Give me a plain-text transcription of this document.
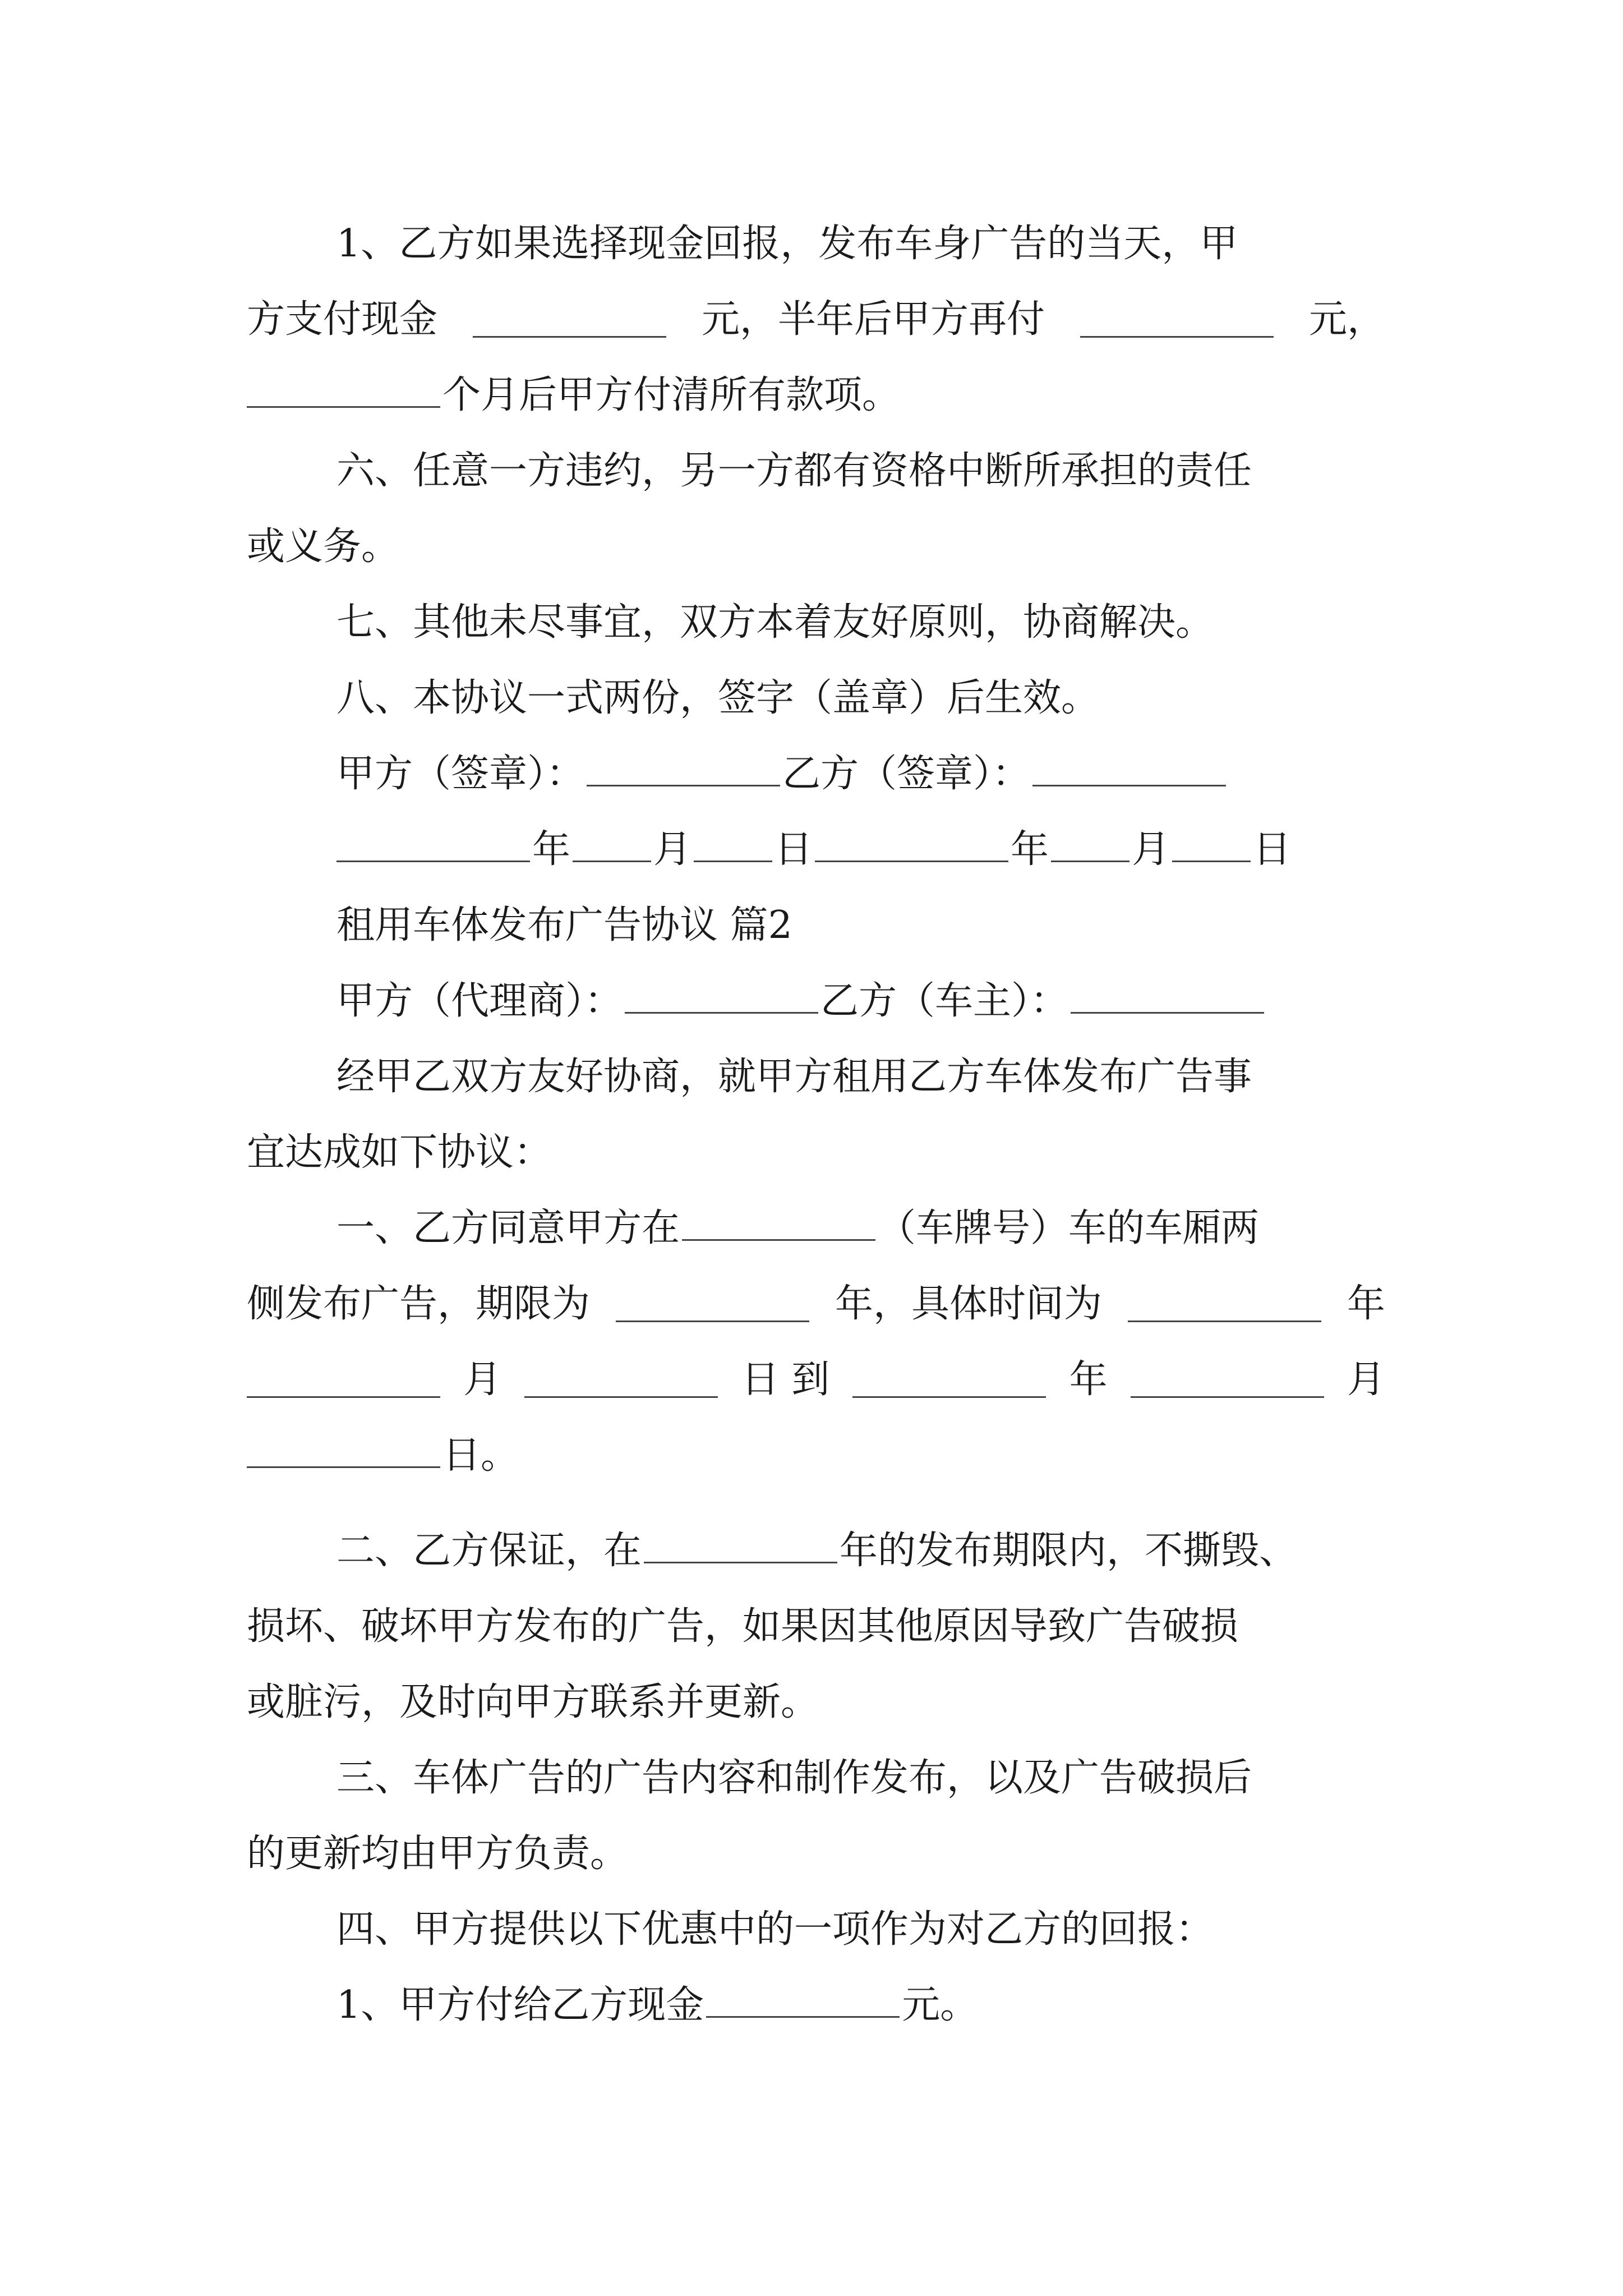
1、乙方如果选择现金回报，发布车身广告的当天，甲
方支付现金	元，半年后甲方再付	元，
个月后甲方付清所有款项。
六、任意一方违约，另一方都有资格中断所承担的责任
或义务。
七、其他未尽事宜，双方本着友好原则，协商解决。
八、本协议一式两份，签字（盖章）后生效。
甲方（签章）：	乙方（签章）：
年 月 日	年 月 日
租用车体发布广告协议 篇2
甲方（代理商）：	乙方（车主）：
经甲乙双方友好协商，就甲方租用乙方车体发布广告事
宜达成如下协议：
一、乙方同意甲方在	（车牌号）车的车厢两
侧发布广告，期限为	年，具体时间为	年
月	日 到	年	月
日。
二、乙方保证，在	年的发布期限内，不撕毁、
损坏、破坏甲方发布的广告，如果因其他原因导致广告破损
或脏污，及时向甲方联系并更新。
三、车体广告的广告内容和制作发布，以及广告破损后
的更新均由甲方负责。
四、甲方提供以下优惠中的一项作为对乙方的回报：
1、甲方付给乙方现金	元。
